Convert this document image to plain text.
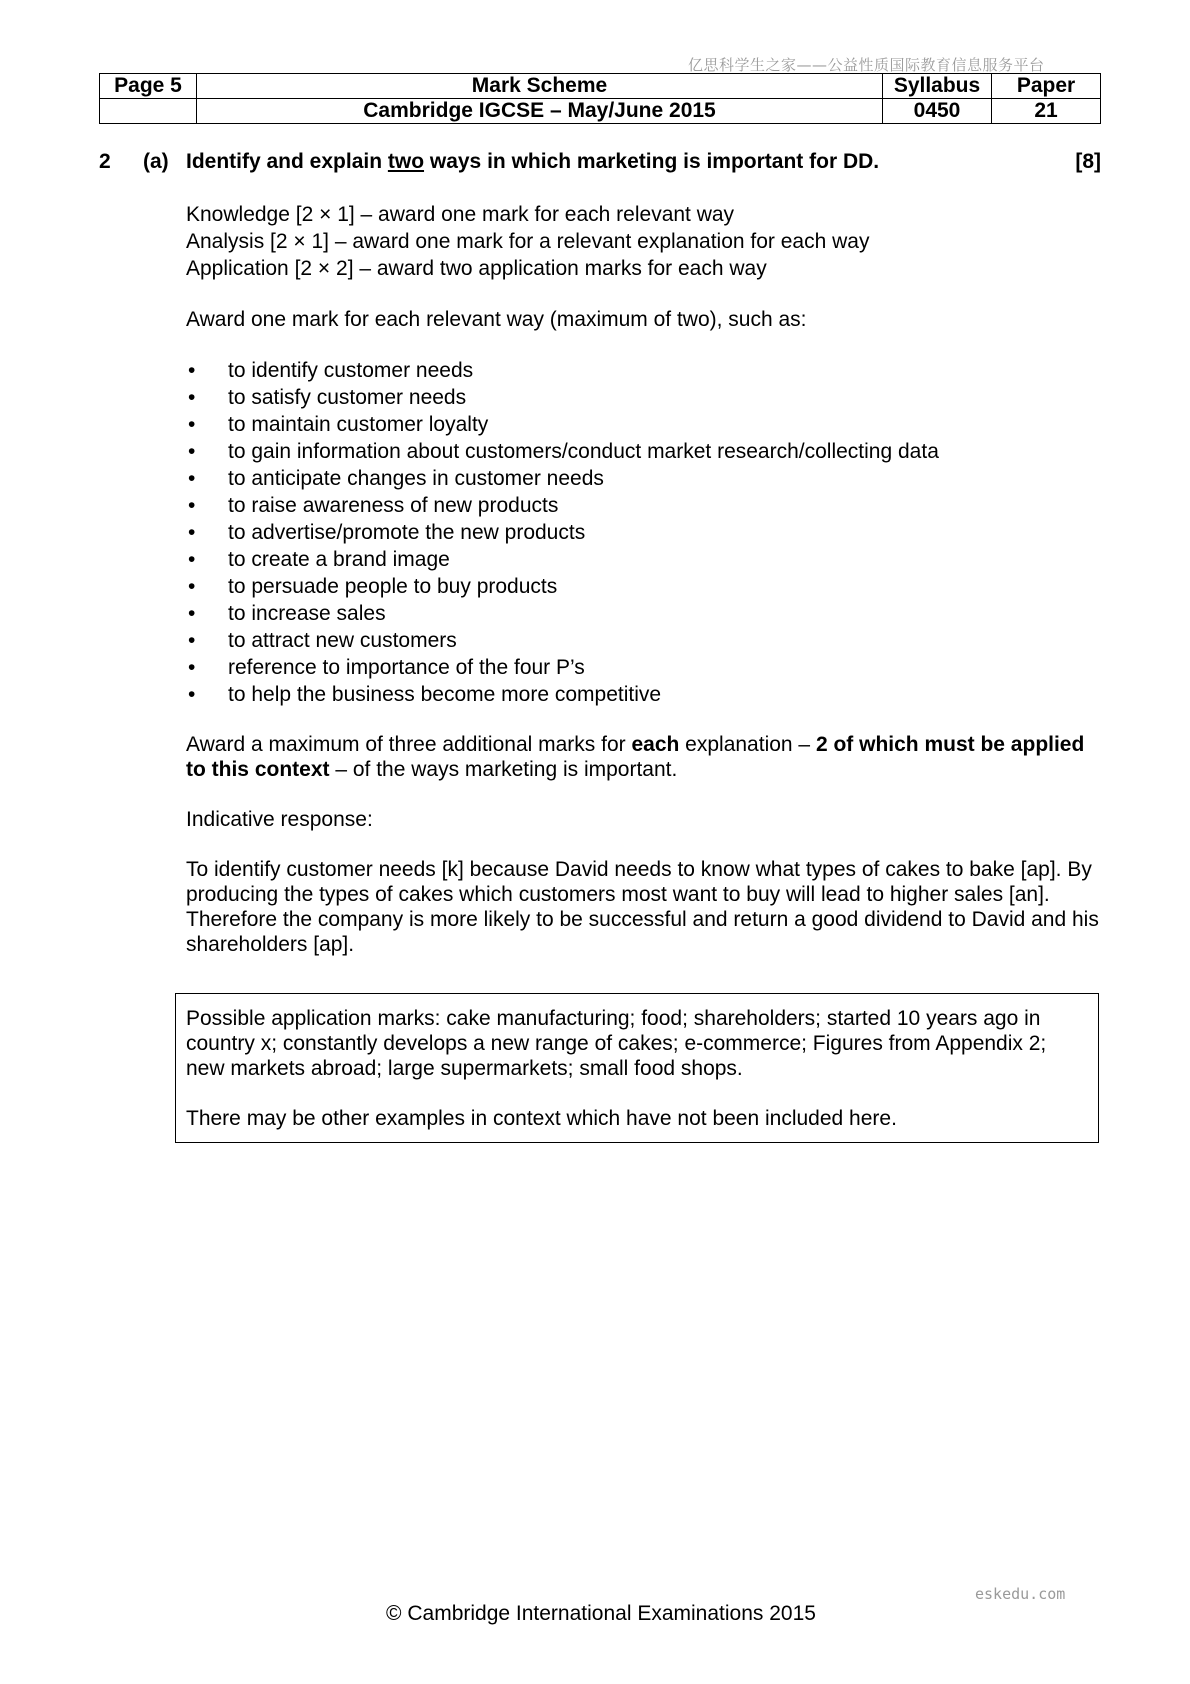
亿思科学生之家——公益性质国际教育信息服务平台
Page 5	Mark Scheme	Syllabus	Paper
	Cambridge IGCSE – May/June 2015	0450	21
2 (a) Identify and explain two ways in which marketing is important for DD.	[8]

Knowledge [2 × 1] – award one mark for each relevant way

Analysis [2 × 1] – award one mark for a relevant explanation for each way

Application [2 × 2] – award two application marks for each way

Award one mark for each relevant way (maximum of two), such as:

• to identify customer needs
• to satisfy customer needs
• to maintain customer loyalty
• to gain information about customers/conduct market research/collecting data
• to anticipate changes in customer needs
• to raise awareness of new products
• to advertise/promote the new products
• to create a brand image
• to persuade people to buy products
• to increase sales
• to attract new customers
• reference to importance of the four P’s
• to help the business become more competitive

Award a maximum of three additional marks for each explanation – 2 of which must be applied to this context – of the ways marketing is important.

Indicative response:

To identify customer needs [k] because David needs to know what types of cakes to bake [ap]. By producing the types of cakes which customers most want to buy will lead to higher sales [an]. Therefore the company is more likely to be successful and return a good dividend to David and his shareholders [ap].

Possible application marks: cake manufacturing; food; shareholders; started 10 years ago in country x; constantly develops a new range of cakes; e-commerce; Figures from Appendix 2; new markets abroad; large supermarkets; small food shops.

There may be other examples in context which have not been included here.

eskedu.com
© Cambridge International Examinations 2015
